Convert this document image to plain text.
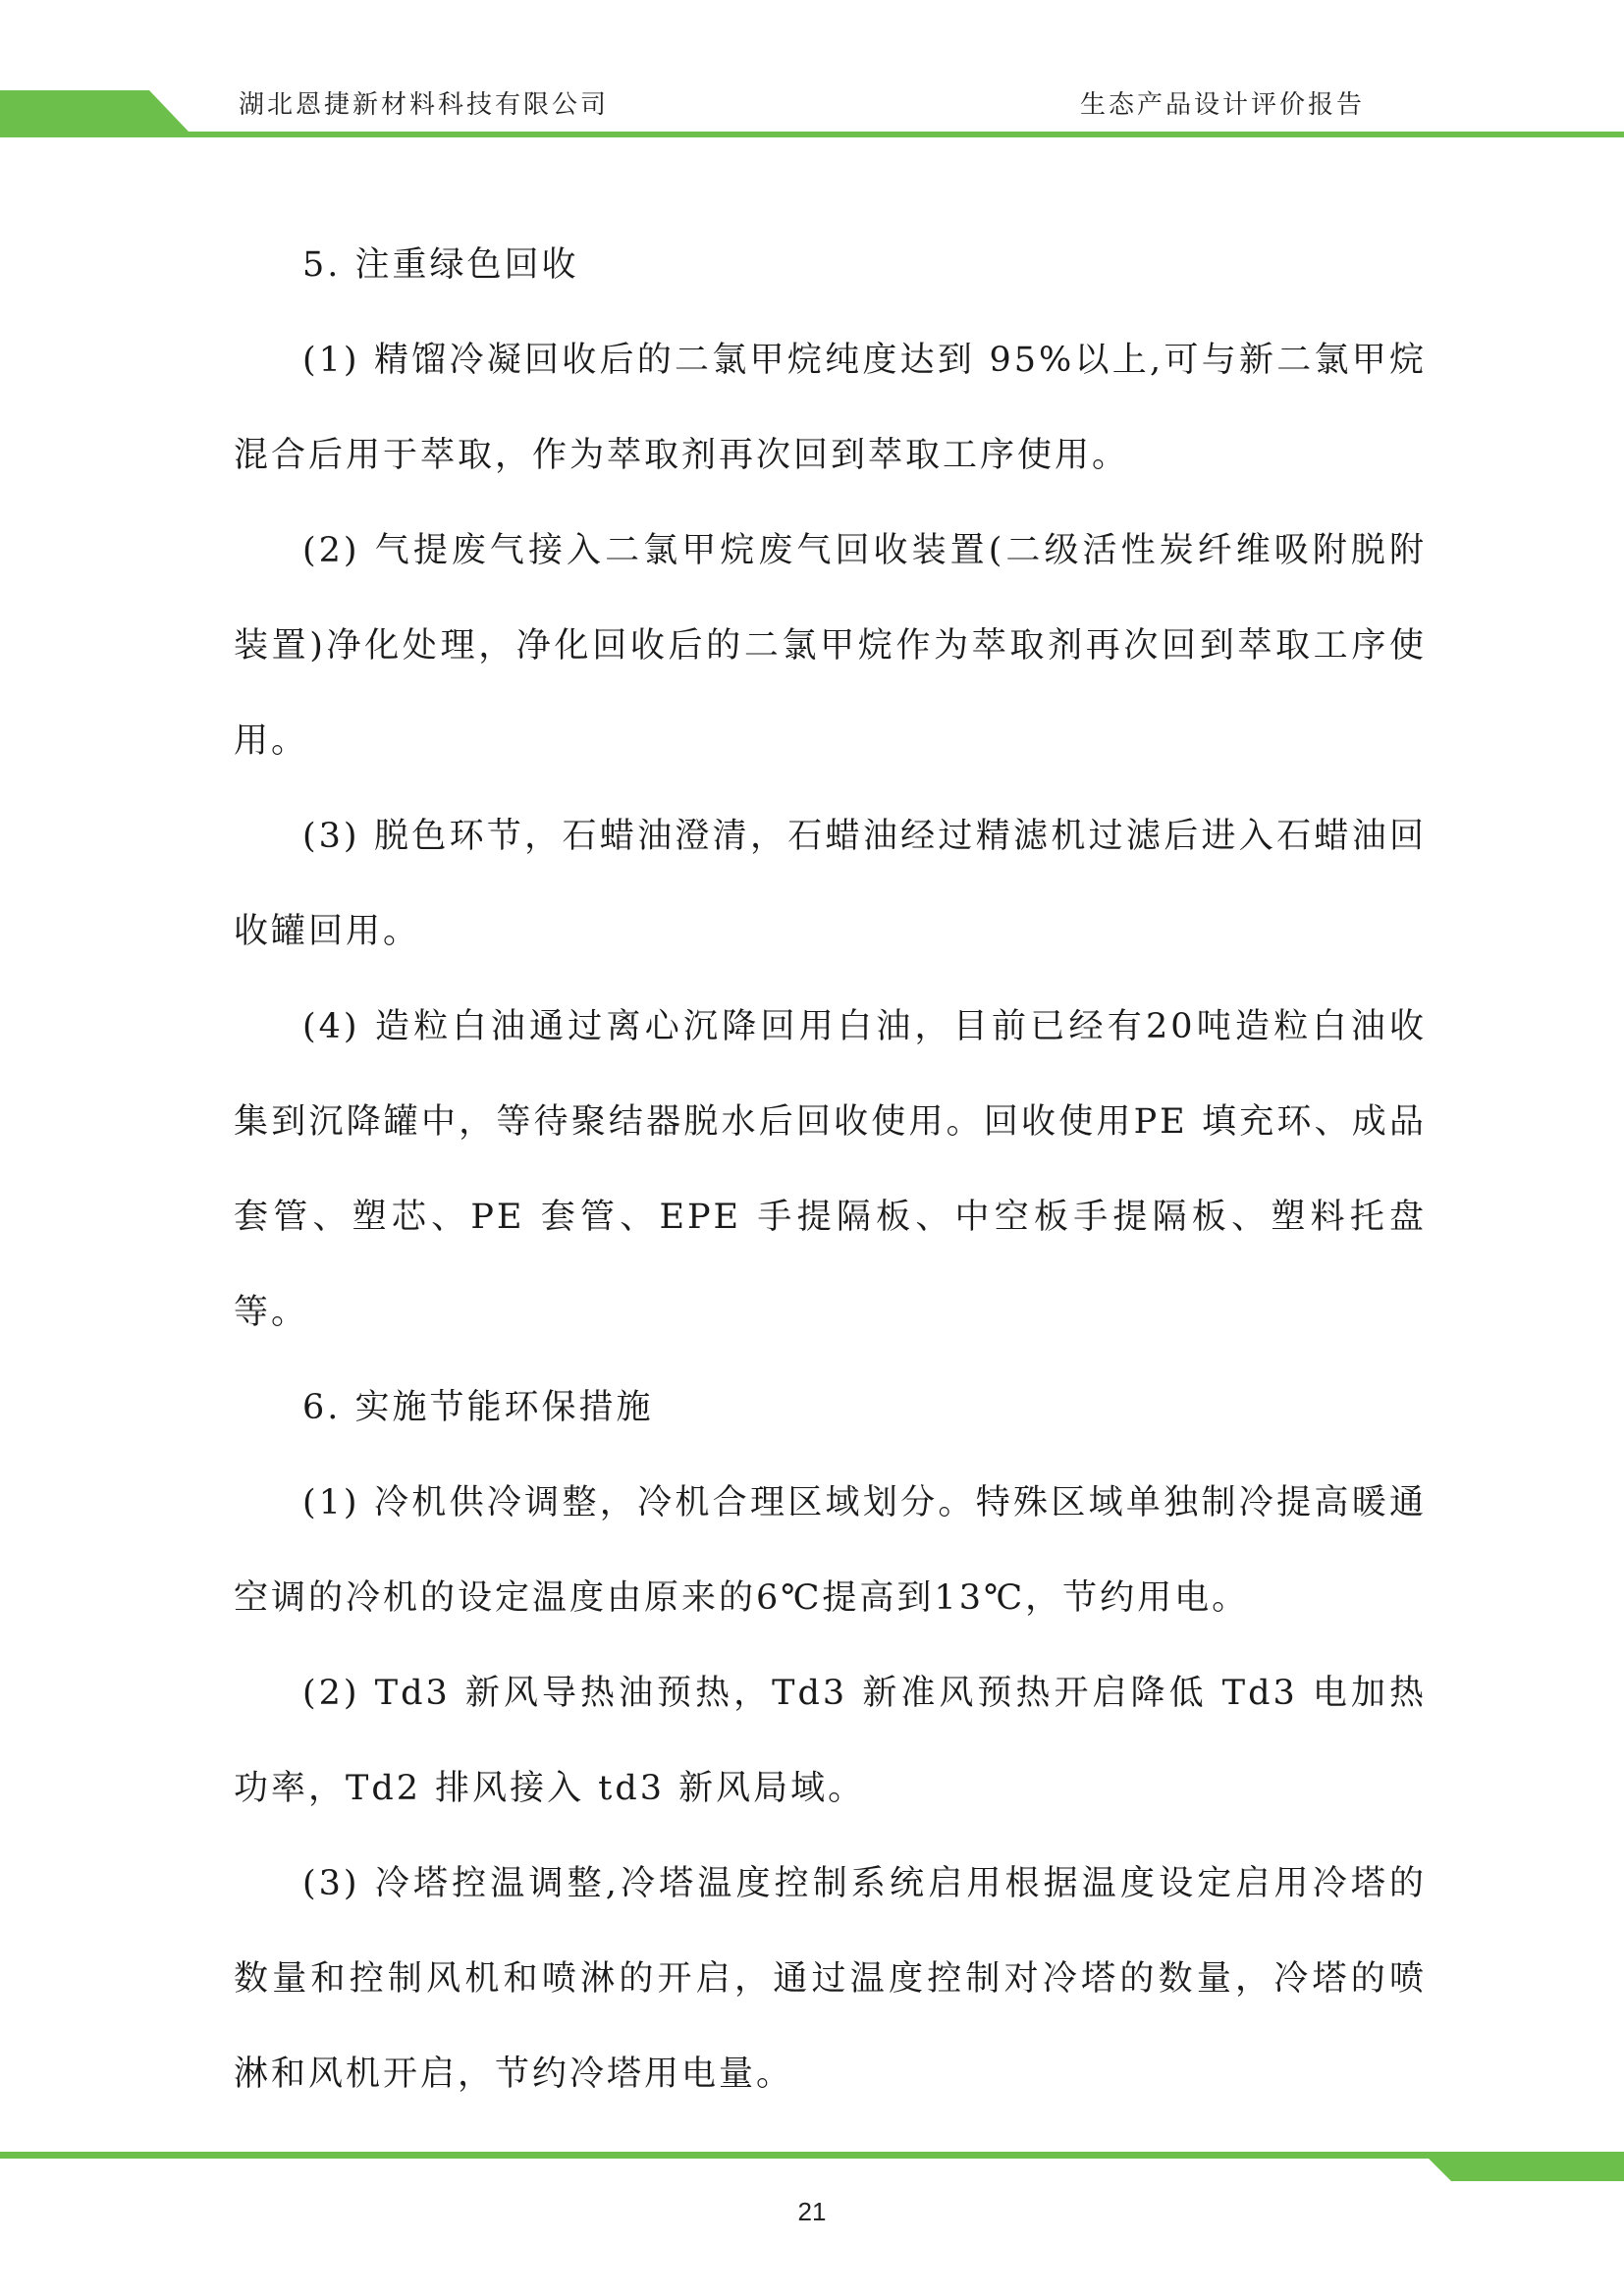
湖北恩捷新材料科技有限公司	生态产品设计评价报告

5. 注重绿色回收

(1) 精馏冷凝回收后的二氯甲烷纯度达到 95%以上,可与新二氯甲烷混合后用于萃取，作为萃取剂再次回到萃取工序使用。

(2) 气提废气接入二氯甲烷废气回收装置(二级活性炭纤维吸附脱附装置)净化处理，净化回收后的二氯甲烷作为萃取剂再次回到萃取工序使用。

(3) 脱色环节，石蜡油澄清，石蜡油经过精滤机过滤后进入石蜡油回收罐回用。

(4) 造粒白油通过离心沉降回用白油，目前已经有20吨造粒白油收集到沉降罐中，等待聚结器脱水后回收使用。回收使用PE 填充环、成品套管、塑芯、PE 套管、EPE 手提隔板、中空板手提隔板、塑料托盘等。

6. 实施节能环保措施

(1) 冷机供冷调整，冷机合理区域划分。特殊区域单独制冷提高暖通空调的冷机的设定温度由原来的6℃提高到13℃，节约用电。

(2) Td3 新风导热油预热，Td3 新准风预热开启降低 Td3 电加热功率，Td2 排风接入 td3 新风局域。

(3) 冷塔控温调整,冷塔温度控制系统启用根据温度设定启用冷塔的数量和控制风机和喷淋的开启，通过温度控制对冷塔的数量，冷塔的喷淋和风机开启，节约冷塔用电量。

21
